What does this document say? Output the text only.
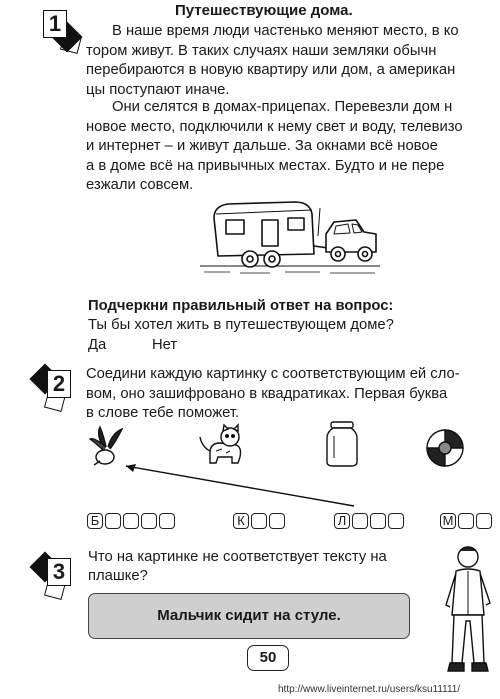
1
Путешествующие дома.
В наше время люди частенько меняют место, в ко
тором живут. В таких случаях наши земляки обычн
перебираются в новую квартиру или дом, а американ
цы поступают иначе.
Они селятся в домах-прицепах. Перевезли дом н
новое место, подключили к нему свет и воду, телевизо
и интернет – и живут дальше. За окнами всё новое
а в доме всё на привычных местах. Будто и не пере
езжали совсем.
Подчеркни правильный ответ на вопрос:
Ты бы хотел жить в путешествующем доме?
Да	Нет
2	Соедини каждую картинку с соответствующим ей сло-
вом, оно зашифровано в квадратиках. Первая буква
в слове тебе поможет.
Б	К	Л	М
3
Что на картинке не соответствует тексту на
плашке?
Мальчик сидит на стуле.
50
http://www.liveinternet.ru/users/ksu11111/
